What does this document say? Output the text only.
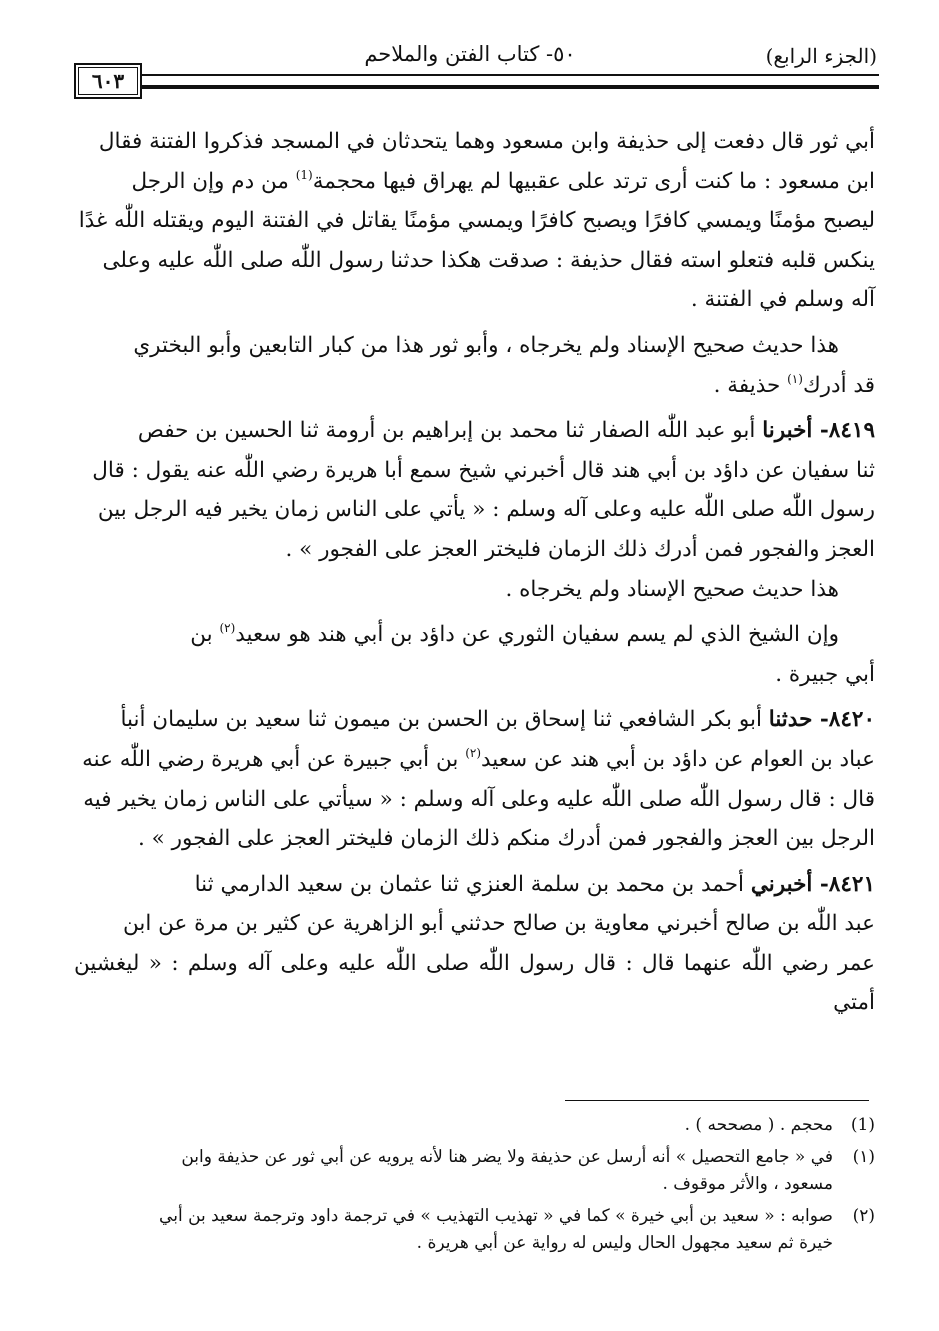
(الجزء الرابع)
٥٠- كتاب الفتن والملاحم
٦٠٣

أبي ثور قال دفعت إلى حذيفة وابن مسعود وهما يتحدثان في المسجد فذكروا الفتنة فقال

ابن مسعود : ما كنت أرى ترتد على عقبيها لم يهراق فيها محجمة$^{(1)}$ من دم وإن الرجل

ليصبح مؤمنًا ويمسي كافرًا ويصبح كافرًا ويمسي مؤمنًا يقاتل في الفتنة اليوم ويقتله اللّٰه غدًا

ينكس قلبه فتعلو استه فقال حذيفة : صدقت هكذا حدثنا رسول اللّٰه صلى اللّٰه عليه وعلى

آله وسلم في الفتنة .

هذا حديث صحيح الإسناد ولم يخرجاه ، وأبو ثور هذا من كبار التابعين وأبو البختري

قد أدرك$^{(١)}$ حذيفة .

٨٤١٩- أخبرنا أبو عبد اللّٰه الصفار ثنا محمد بن إبراهيم بن أرومة ثنا الحسين بن حفص

ثنا سفيان عن داؤد بن أبي هند قال أخبرني شيخ سمع أبا هريرة رضي اللّٰه عنه يقول : قال

رسول اللّٰه صلى اللّٰه عليه وعلى آله وسلم : « يأتي على الناس زمان يخير فيه الرجل بين

العجز والفجور فمن أدرك ذلك الزمان فليختر العجز على الفجور » .

هذا حديث صحيح الإسناد ولم يخرجاه .

وإن الشيخ الذي لم يسم سفيان الثوري عن داؤد بن أبي هند هو سعيد$^{(٢)}$ بن

أبي جبيرة .

٨٤٢٠- حدثنا أبو بكر الشافعي ثنا إسحاق بن الحسن بن ميمون ثنا سعيد بن سليمان أنبأ

عباد بن العوام عن داؤد بن أبي هند عن سعيد$^{(٢)}$ بن أبي جبيرة عن أبي هريرة رضي اللّٰه عنه

قال : قال رسول اللّٰه صلى اللّٰه عليه وعلى آله وسلم : « سيأتي على الناس زمان يخير فيه

الرجل بين العجز والفجور فمن أدرك منكم ذلك الزمان فليختر العجز على الفجور » .

٨٤٢١- أخبرني أحمد بن محمد بن سلمة العنزي ثنا عثمان بن سعيد الدارمي ثنا

عبد اللّٰه بن صالح أخبرني معاوية بن صالح حدثني أبو الزاهرية عن كثير بن مرة عن ابن

عمر رضي اللّٰه عنهما قال : قال رسول اللّٰه صلى اللّٰه عليه وعلى آله وسلم : « ليغشين أمتي

(1)
محجم . ( مصححه ) .
(١)
في « جامع التحصيل » أنه أرسل عن حذيفة ولا يضر هنا لأنه يرويه عن أبي ثور عن حذيفة وابن
مسعود ، والأثر موقوف .
(٢)
صوابه : « سعيد بن أبي خيرة » كما في « تهذيب التهذيب » في ترجمة داود وترجمة سعيد بن أبي
خيرة ثم سعيد مجهول الحال وليس له رواية عن أبي هريرة .
